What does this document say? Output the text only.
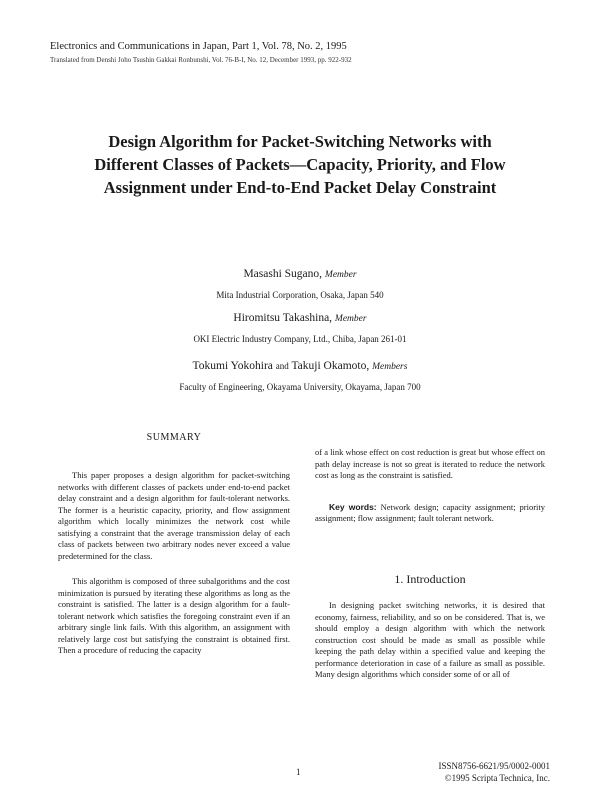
Electronics and Communications in Japan, Part 1, Vol. 78, No. 2, 1995
Translated from Denshi Joho Tsushin Gakkai Ronbunshi, Vol. 76-B-I, No. 12, December 1993, pp. 922-932
Design Algorithm for Packet-Switching Networks with Different Classes of Packets—Capacity, Priority, and Flow Assignment under End-to-End Packet Delay Constraint
Masashi Sugano, Member
Mita Industrial Corporation, Osaka, Japan 540
Hiromitsu Takashina, Member
OKI Electric Industry Company, Ltd., Chiba, Japan 261-01
Tokumi Yokohira and Takuji Okamoto, Members
Faculty of Engineering, Okayama University, Okayama, Japan 700
SUMMARY

This paper proposes a design algorithm for packet-switching networks with different classes of packets under end-to-end packet delay constraint and a design algorithm for fault-tolerant networks. The former is a heuristic capacity, priority, and flow assignment algorithm which locally minimizes the network cost while satisfying a constraint that the average transmission delay of each class of packets between two arbitrary nodes never exceed a value predetermined for the class.

This algorithm is composed of three subalgorithms and the cost minimization is pursued by iterating these algorithms as long as the constraint is satisfied. The latter is a design algorithm for a fault-tolerant network which satisfies the foregoing constraint even if an arbitrary single link fails. With this algorithm, an assignment with relatively large cost but satisfying the constraint is obtained first. Then a procedure of reducing the capacity

of a link whose effect on cost reduction is great but whose effect on path delay increase is not so great is iterated to reduce the network cost as long as the constraint is satisfied.

Key words: Network design; capacity assignment; priority assignment; flow assignment; fault tolerant network.

1. Introduction

In designing packet switching networks, it is desired that economy, fairness, reliability, and so on be considered. That is, we should employ a design algorithm with which the network construction cost should be made as small as possible while keeping the path delay within a specified value and keeping the performance deterioration in case of a failure as small as possible. Many design algorithms which consider some of or all of

1
ISSN8756-6621/95/0002-0001
©1995 Scripta Technica, Inc.
